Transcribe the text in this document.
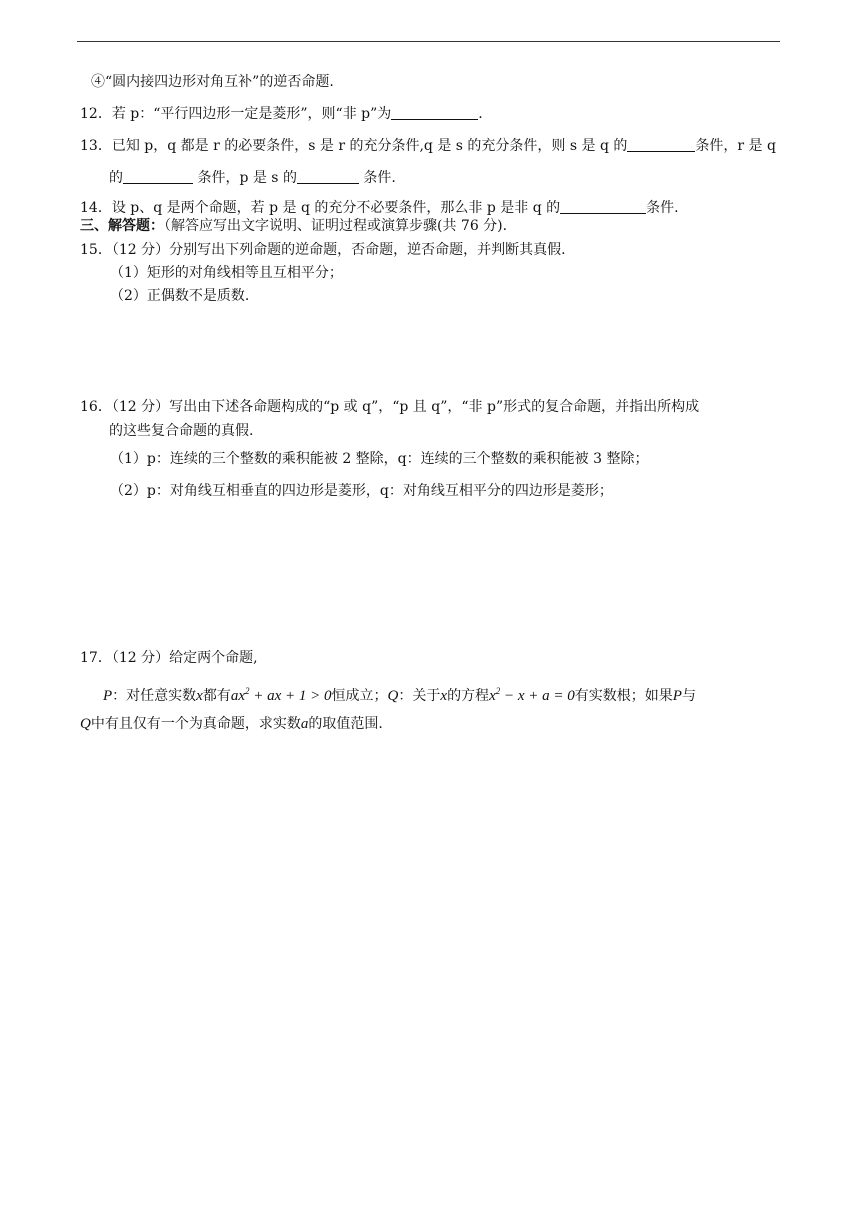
④“圆内接四边形对角互补”的逆否命题.
12．若 p：“平行四边形一定是菱形”，则“非 p”为	.
13．已知 p，q 都是 r 的必要条件，s 是 r 的充分条件,q 是 s 的充分条件，则 s 是 q 的	条件，r 是 q
的	条件，p 是 s 的	条件.
14．设 p、q 是两个命题，若 p 是 q 的充分不必要条件，那么非 p 是非 q 的	条件.
三、解答题：（解答应写出文字说明、证明过程或演算步骤(共 76 分).
15．（12 分）分别写出下列命题的逆命题，否命题，逆否命题，并判断其真假.
（1）矩形的对角线相等且互相平分；
（2）正偶数不是质数.
16．（12 分）写出由下述各命题构成的“p 或 q”，“p 且 q”，“非 p”形式的复合命题，并指出所构成
的这些复合命题的真假.
（1）p：连续的三个整数的乘积能被 2 整除，q：连续的三个整数的乘积能被 3 整除；
（2）p：对角线互相垂直的四边形是菱形，q：对角线互相平分的四边形是菱形；
17．（12 分）给定两个命题,
P：对任意实数x都有$ax^2$ + ax + 1 > 0恒成立；Q：关于x的方程$x^2 - x + a = 0$有实数根；如果P与
Q中有且仅有一个为真命题，求实数a的取值范围.
